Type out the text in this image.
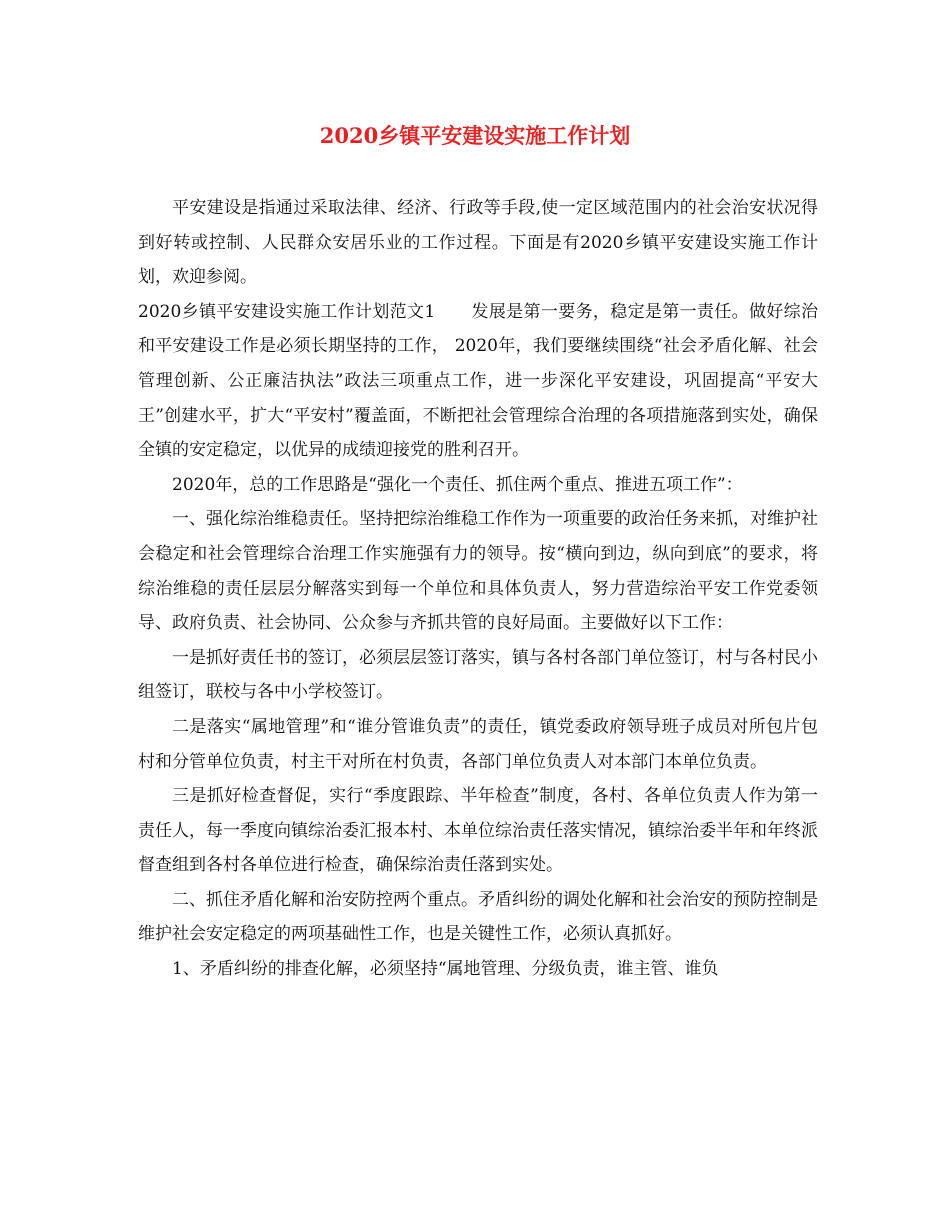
2020乡镇平安建设实施工作计划

平安建设是指通过采取法律、经济、行政等手段,使一定区域范围内的社会治安状况得到好转或控制、人民群众安居乐业的工作过程。下面是有2020乡镇平安建设实施工作计划，欢迎参阅。

2020乡镇平安建设实施工作计划范文1 发展是第一要务，稳定是第一责任。做好综治和平安建设工作是必须长期坚持的工作， 2020年，我们要继续围绕“社会矛盾化解、社会管理创新、公正廉洁执法”政法三项重点工作，进一步深化平安建设，巩固提高“平安大王”创建水平，扩大“平安村”覆盖面，不断把社会管理综合治理的各项措施落到实处，确保全镇的安定稳定，以优异的成绩迎接党的胜利召开。

2020年，总的工作思路是“强化一个责任、抓住两个重点、推进五项工作”：

一、强化综治维稳责任。坚持把综治维稳工作作为一项重要的政治任务来抓，对维护社会稳定和社会管理综合治理工作实施强有力的领导。按“横向到边，纵向到底”的要求，将综治维稳的责任层层分解落实到每一个单位和具体负责人，努力营造综治平安工作党委领导、政府负责、社会协同、公众参与齐抓共管的良好局面。主要做好以下工作：

一是抓好责任书的签订，必须层层签订落实，镇与各村各部门单位签订，村与各村民小组签订，联校与各中小学校签订。

二是落实“属地管理”和“谁分管谁负责”的责任，镇党委政府领导班子成员对所包片包村和分管单位负责，村主干对所在村负责，各部门单位负责人对本部门本单位负责。

三是抓好检查督促，实行“季度跟踪、半年检查”制度，各村、各单位负责人作为第一责任人，每一季度向镇综治委汇报本村、本单位综治责任落实情况，镇综治委半年和年终派督查组到各村各单位进行检查，确保综治责任落到实处。

二、抓住矛盾化解和治安防控两个重点。矛盾纠纷的调处化解和社会治安的预防控制是维护社会安定稳定的两项基础性工作，也是关键性工作，必须认真抓好。

1、矛盾纠纷的排查化解，必须坚持“属地管理、分级负责，谁主管、谁负
